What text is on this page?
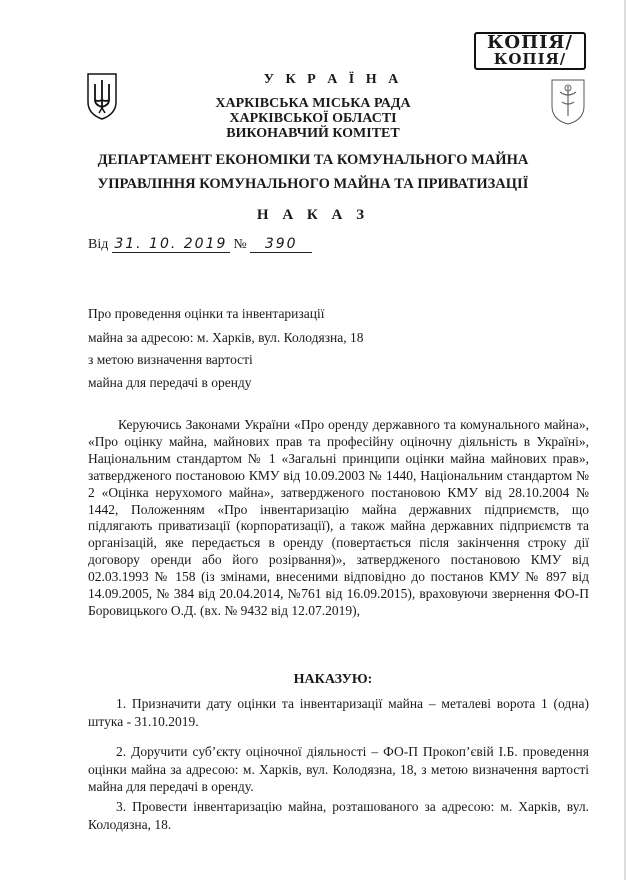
КОПІЯ/
КОПІЯ/
У К Р А Ї Н А
ХАРКІВСЬКА МІСЬКА РАДА
ХАРКІВСЬКОЇ ОБЛАСТІ
ВИКОНАВЧИЙ КОМІТЕТ
ДЕПАРТАМЕНТ ЕКОНОМІКИ ТА КОМУНАЛЬНОГО МАЙНА
УПРАВЛІННЯ КОМУНАЛЬНОГО МАЙНА ТА ПРИВАТИЗАЦІЇ
Н А К А З
Від 31. 10. 2019 № 390
Про проведення оцінки та інвентаризації
майна за адресою: м. Харків, вул. Колодязна, 18
з метою визначення вартості
майна для передачі в оренду

Керуючись Законами України «Про оренду державного та комунального майна», «Про оцінку майна, майнових прав та професійну оціночну діяльність в Україні», Національним стандартом № 1 «Загальні принципи оцінки майна майнових прав», затвердженого постановою КМУ від 10.09.2003 № 1440, Національним стандартом № 2 «Оцінка нерухомого майна», затвердженого постановою КМУ від 28.10.2004 № 1442, Положенням «Про інвентаризацію майна державних підприємств, що підлягають приватизації (корпоратизації), а також майна державних підприємств та організацій, яке передається в оренду (повертається після закінчення строку дії договору оренди або його розірвання)», затвердженого постановою КМУ від 02.03.1993 № 158 (із змінами, внесеними відповідно до постанов КМУ № 897 від 14.09.2005, № 384 від 20.04.2014, №761 від 16.09.2015), враховуючи звернення ФО-П Боровицького О.Д. (вх. № 9432 від 12.07.2019),

НАКАЗУЮ:

1. Призначити дату оцінки та інвентаризації майна – металеві ворота 1 (одна) штука - 31.10.2019.

2. Доручити суб’єкту оціночної діяльності – ФО-П Прокоп’євій І.Б. проведення оцінки майна за адресою: м. Харків, вул. Колодязна, 18, з метою визначення вартості майна для передачі в оренду.

3. Провести інвентаризацію майна, розташованого за адресою: м. Харків, вул. Колодязна, 18.
